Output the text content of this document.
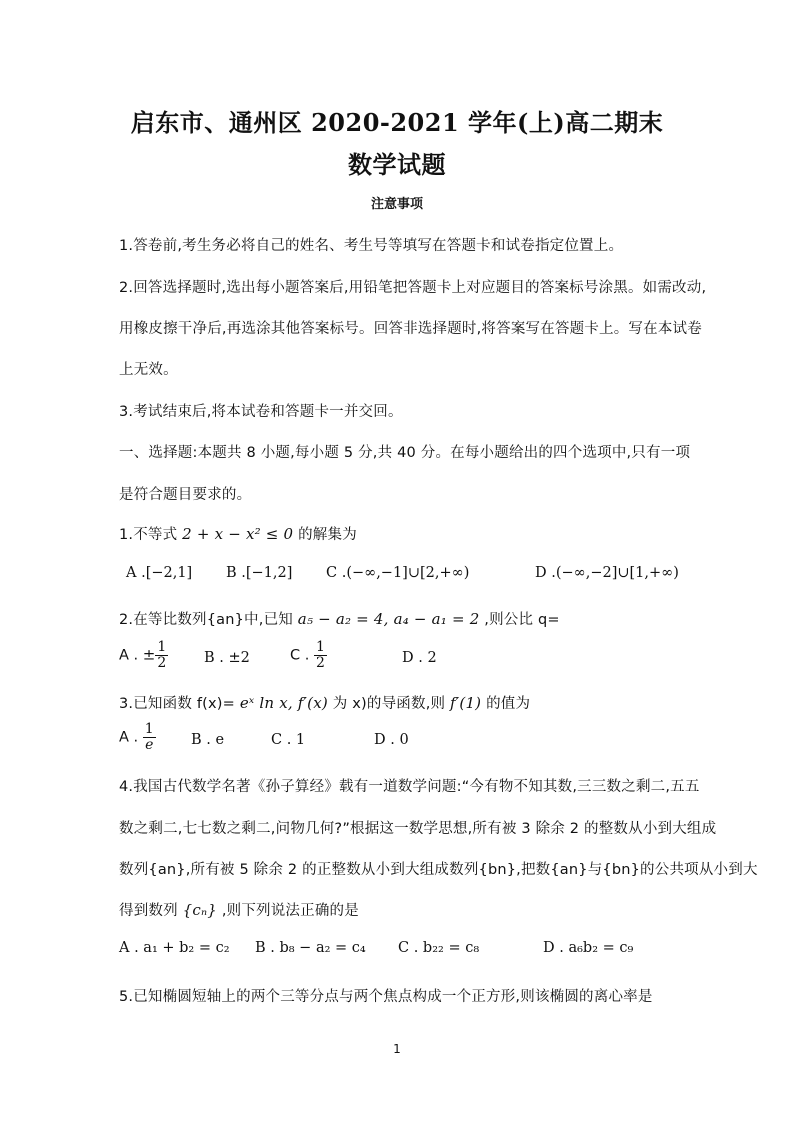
启东市、通州区 2020-2021 学年(上)高二期末
数学试题
注意事项
1.答卷前,考生务必将自己的姓名、考生号等填写在答题卡和试卷指定位置上。
2.回答选择题时,选出每小题答案后,用铅笔把答题卡上对应题目的答案标号涂黑。如需改动,
用橡皮擦干净后,再选涂其他答案标号。回答非选择题时,将答案写在答题卡上。写在本试卷
上无效。
3.考试结束后,将本试卷和答题卡一并交回。
一、选择题:本题共 8 小题,每小题 5 分,共 40 分。在每小题给出的四个选项中,只有一项
是符合题目要求的。
1.不等式 2 + x − x² ≤ 0 的解集为
A .[−2,1] B .[−1,2] C .(−∞,−1]∪[2,+∞)	D .(−∞,−2]∪[1,+∞)
2.在等比数列{an}中,已知 a₅ − a₂ = 4, a₄ − a₁ = 2 ,则公比 q=
A . ± $\frac{1}{2}$ B . ±2	C . $\frac{1}{2}$	D . 2
3.已知函数 f(x)= eˣ ln x, f′(x) 为 x)的导函数,则 f′(1) 的值为
A . $\frac{1}{e}$ B . e	C . 1	D . 0
4.我国古代数学名著《孙子算经》载有一道数学问题:“今有物不知其数,三三数之剩二,五五
数之剩二,七七数之剩二,问物几何?”根据这一数学思想,所有被 3 除余 2 的整数从小到大组成
数列{an},所有被 5 除余 2 的正整数从小到大组成数列{bn},把数{an}与{bn}的公共项从小到大
得到数列 {cₙ} ,则下列说法正确的是
A . a₁ + b₂ = c₂ B . b₈ − a₂ = c₄ C . b₂₂ = c₈	D . a₆b₂ = c₉
5.已知椭圆短轴上的两个三等分点与两个焦点构成一个正方形,则该椭圆的离心率是
1
